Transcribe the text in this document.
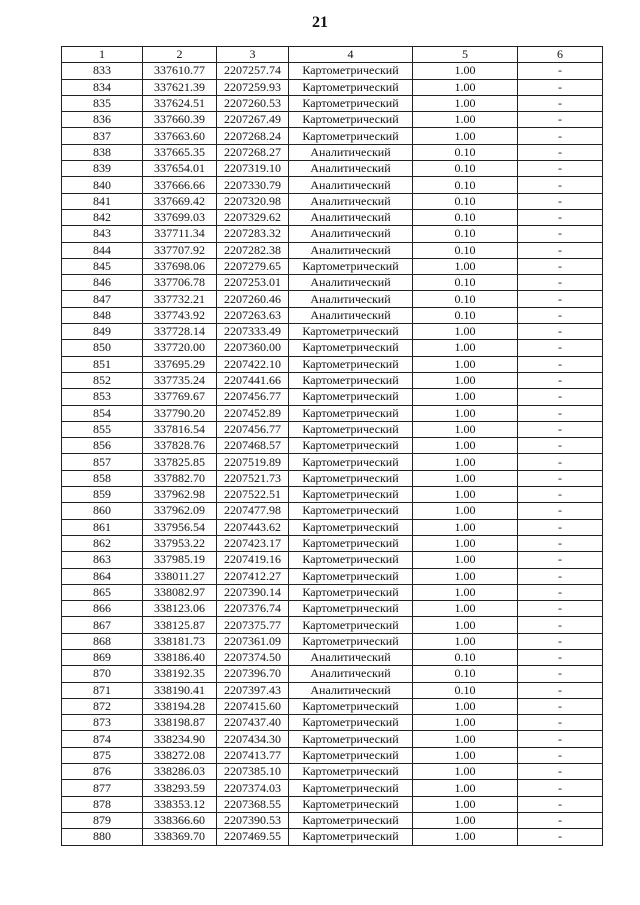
21
1	2	3	4	5	6
833	337610.77	2207257.74	Картометрический	1.00	-
834	337621.39	2207259.93	Картометрический	1.00	-
835	337624.51	2207260.53	Картометрический	1.00	-
836	337660.39	2207267.49	Картометрический	1.00	-
837	337663.60	2207268.24	Картометрический	1.00	-
838	337665.35	2207268.27	Аналитический	0.10	-
839	337654.01	2207319.10	Аналитический	0.10	-
840	337666.66	2207330.79	Аналитический	0.10	-
841	337669.42	2207320.98	Аналитический	0.10	-
842	337699.03	2207329.62	Аналитический	0.10	-
843	337711.34	2207283.32	Аналитический	0.10	-
844	337707.92	2207282.38	Аналитический	0.10	-
845	337698.06	2207279.65	Картометрический	1.00	-
846	337706.78	2207253.01	Аналитический	0.10	-
847	337732.21	2207260.46	Аналитический	0.10	-
848	337743.92	2207263.63	Аналитический	0.10	-
849	337728.14	2207333.49	Картометрический	1.00	-
850	337720.00	2207360.00	Картометрический	1.00	-
851	337695.29	2207422.10	Картометрический	1.00	-
852	337735.24	2207441.66	Картометрический	1.00	-
853	337769.67	2207456.77	Картометрический	1.00	-
854	337790.20	2207452.89	Картометрический	1.00	-
855	337816.54	2207456.77	Картометрический	1.00	-
856	337828.76	2207468.57	Картометрический	1.00	-
857	337825.85	2207519.89	Картометрический	1.00	-
858	337882.70	2207521.73	Картометрический	1.00	-
859	337962.98	2207522.51	Картометрический	1.00	-
860	337962.09	2207477.98	Картометрический	1.00	-
861	337956.54	2207443.62	Картометрический	1.00	-
862	337953.22	2207423.17	Картометрический	1.00	-
863	337985.19	2207419.16	Картометрический	1.00	-
864	338011.27	2207412.27	Картометрический	1.00	-
865	338082.97	2207390.14	Картометрический	1.00	-
866	338123.06	2207376.74	Картометрический	1.00	-
867	338125.87	2207375.77	Картометрический	1.00	-
868	338181.73	2207361.09	Картометрический	1.00	-
869	338186.40	2207374.50	Аналитический	0.10	-
870	338192.35	2207396.70	Аналитический	0.10	-
871	338190.41	2207397.43	Аналитический	0.10	-
872	338194.28	2207415.60	Картометрический	1.00	-
873	338198.87	2207437.40	Картометрический	1.00	-
874	338234.90	2207434.30	Картометрический	1.00	-
875	338272.08	2207413.77	Картометрический	1.00	-
876	338286.03	2207385.10	Картометрический	1.00	-
877	338293.59	2207374.03	Картометрический	1.00	-
878	338353.12	2207368.55	Картометрический	1.00	-
879	338366.60	2207390.53	Картометрический	1.00	-
880	338369.70	2207469.55	Картометрический	1.00	-
